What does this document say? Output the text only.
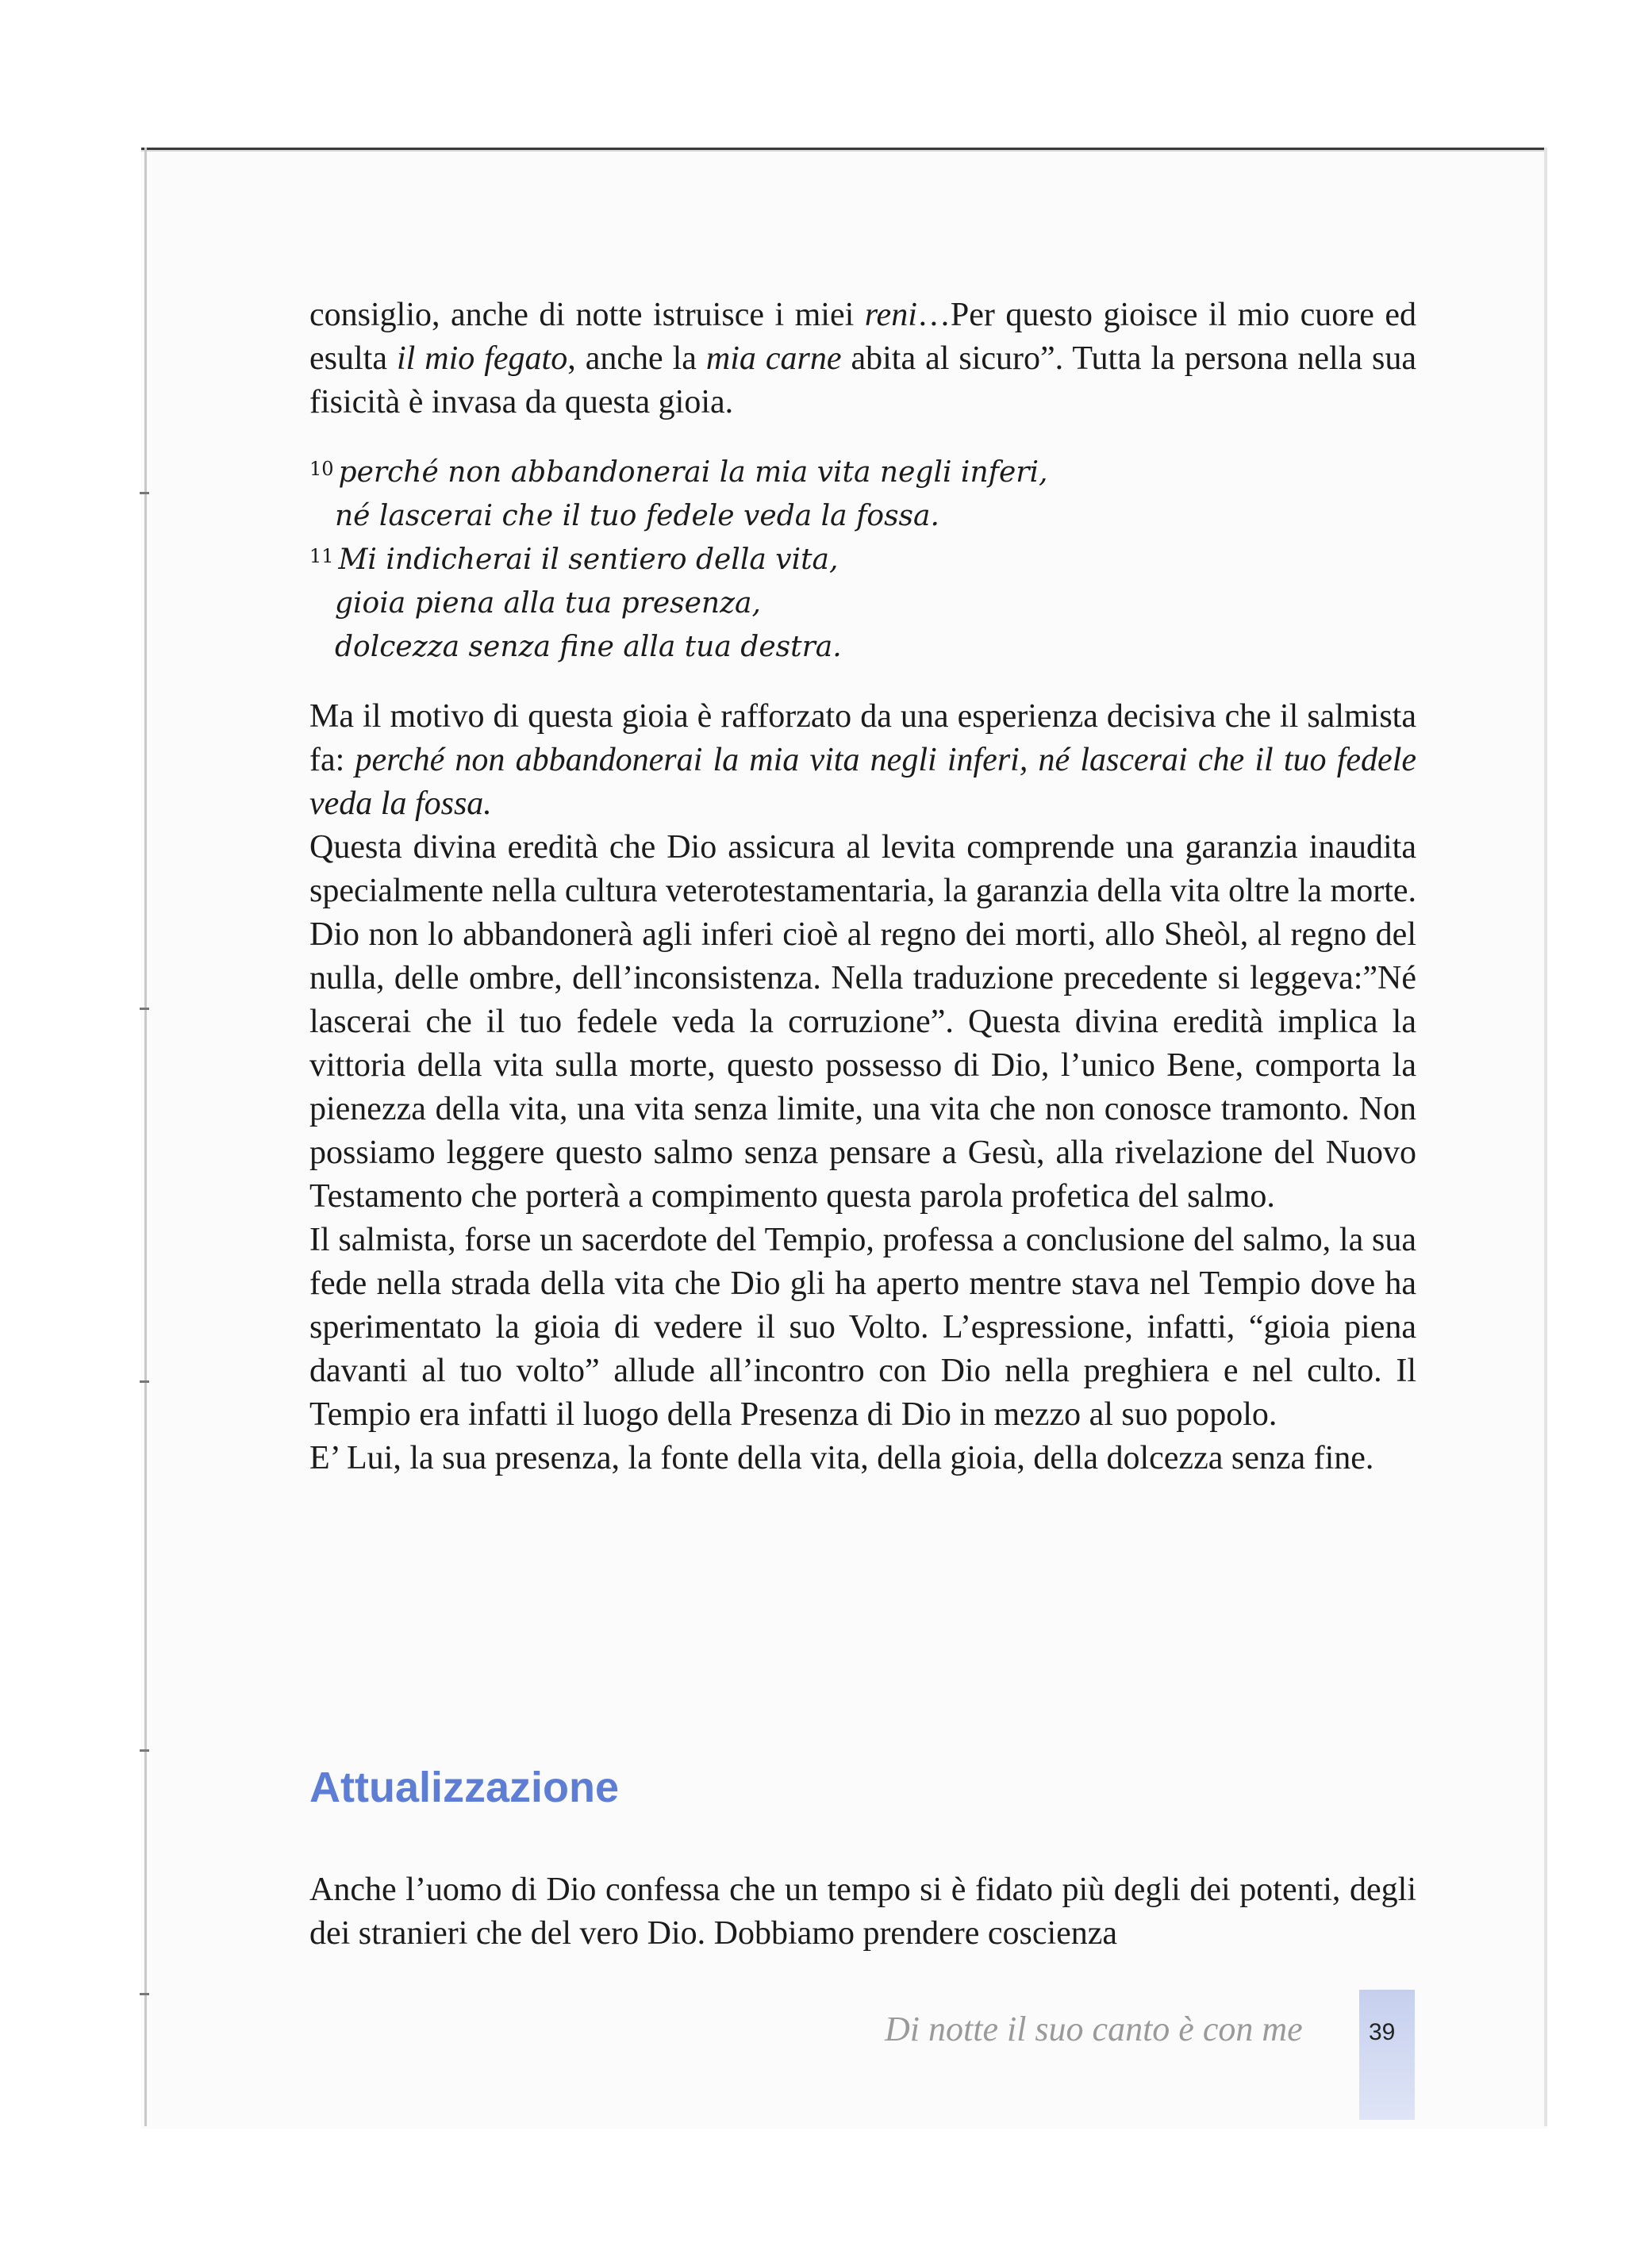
consiglio, anche di notte istruisce i miei reni…Per questo gioisce il mio cuore ed esulta il mio fegato, anche la mia carne abita al sicuro”. Tutta la persona nella sua fisicità è invasa da questa gioia.

$^{10}$ perché non abbandonerai la mia vita negli inferi,
né lascerai che il tuo fedele veda la fossa.
$^{11}$ Mi indicherai il sentiero della vita,
gioia piena alla tua presenza,
dolcezza senza fine alla tua destra.

Ma il motivo di questa gioia è rafforzato da una esperienza decisiva che il salmista fa: perché non abbandonerai la mia vita negli inferi, né lascerai che il tuo fedele veda la fossa.

Questa divina eredità che Dio assicura al levita comprende una garanzia inaudita specialmente nella cultura veterotestamentaria, la garanzia della vita oltre la morte. Dio non lo abbandonerà agli inferi cioè al regno dei morti, allo Sheòl, al regno del nulla, delle ombre, dell’inconsistenza. Nella traduzione precedente si leggeva:”Né lascerai che il tuo fedele veda la corruzione”. Questa divina eredità implica la vittoria della vita sulla morte, questo possesso di Dio, l’unico Bene, comporta la pienezza della vita, una vita senza limite, una vita che non conosce tramonto. Non possiamo leggere questo salmo senza pensare a Gesù, alla rivelazione del Nuovo Testamento che porterà a compimento questa parola profetica del salmo.

Il salmista, forse un sacerdote del Tempio, professa a conclusione del salmo, la sua fede nella strada della vita che Dio gli ha aperto mentre stava nel Tempio dove ha sperimentato la gioia di vedere il suo Volto. L’espressione, infatti, “gioia piena davanti al tuo volto” allude all’incontro con Dio nella preghiera e nel culto. Il Tempio era infatti il luogo della Presenza di Dio in mezzo al suo popolo.

E’ Lui, la sua presenza, la fonte della vita, della gioia, della dolcezza senza fine.

Attualizzazione

Anche l’uomo di Dio confessa che un tempo si è fidato più degli dei potenti, degli dei stranieri che del vero Dio. Dobbiamo prendere coscienza

Di notte il suo canto è con me	39
